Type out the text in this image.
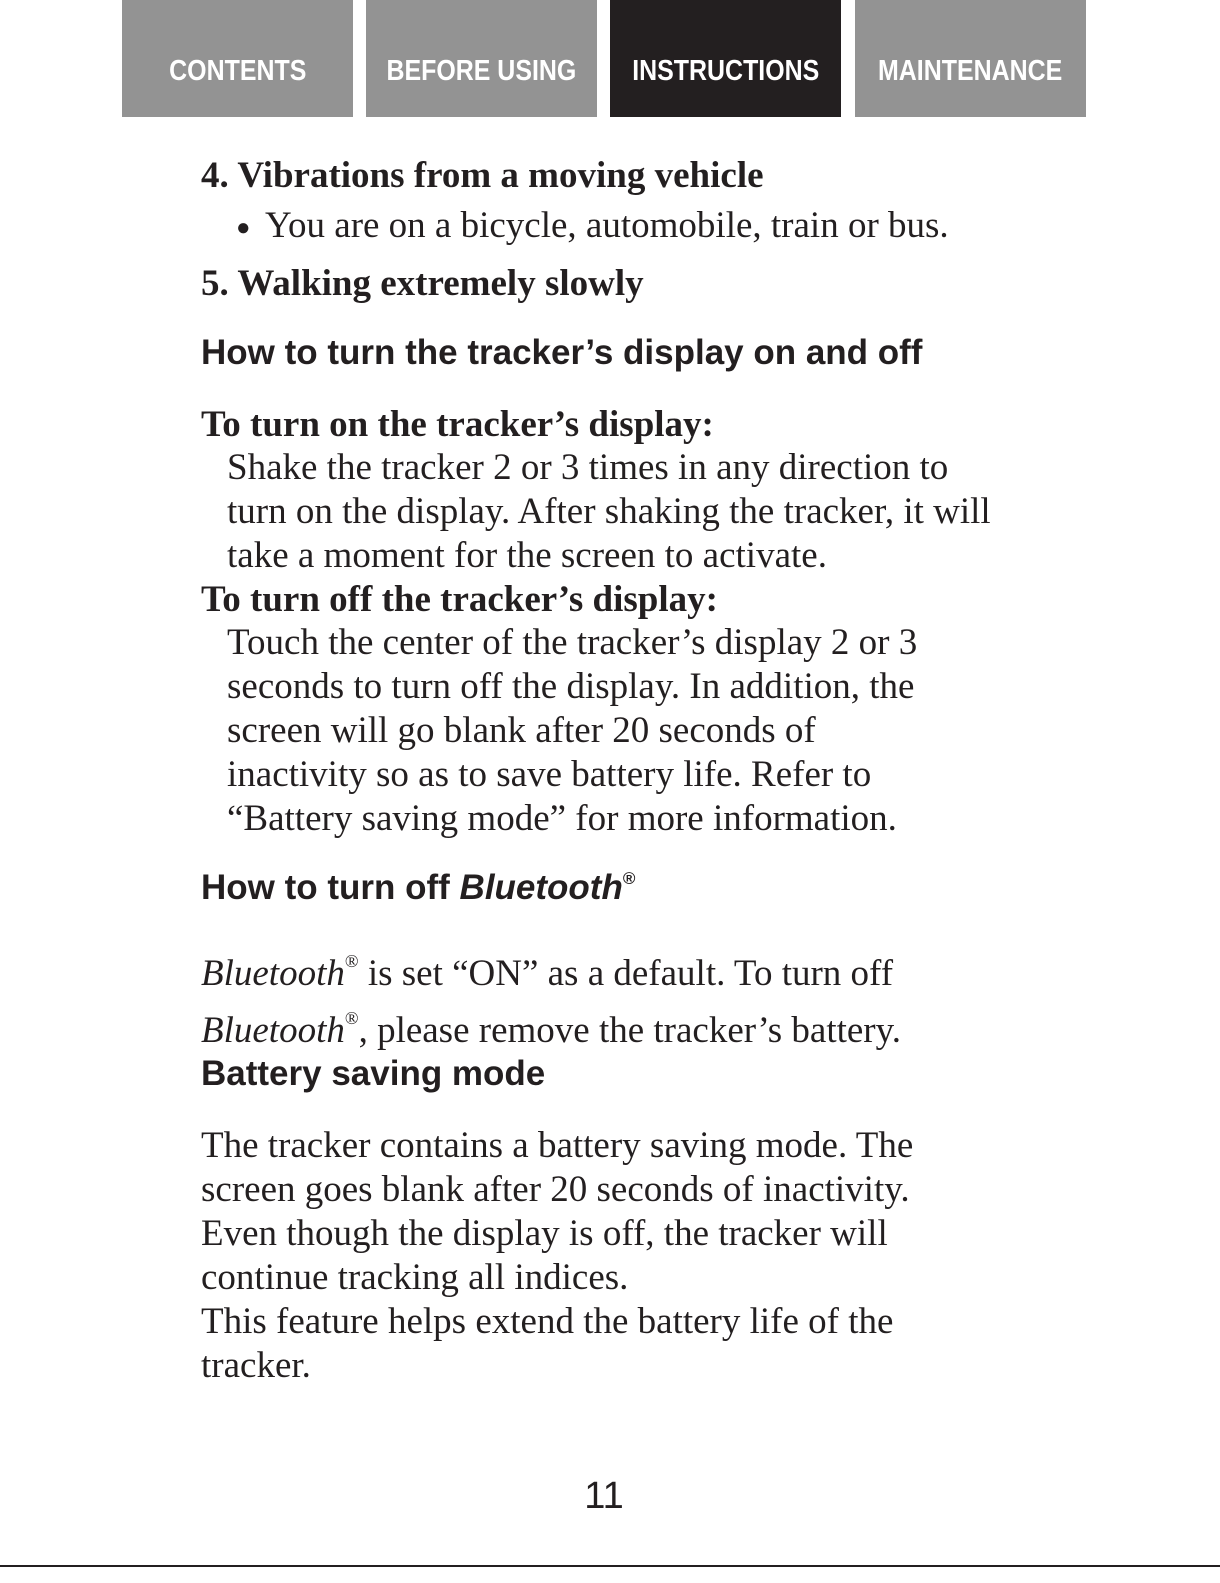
CONTENTS	BEFORE USING INSTRUCTIONS MAINTENANCE
4. Vibrations from a moving vehicle
● You are on a bicycle, automobile, train or bus.
5. Walking extremely slowly
How to turn the tracker’s display on and off
To turn on the tracker’s display:
Shake the tracker 2 or 3 times in any direction to turn on the display. After shaking the tracker, it will take a moment for the screen to activate.
To turn off the tracker’s display:
Touch the center of the tracker’s display 2 or 3 seconds to turn off the display. In addition, the screen will go blank after 20 seconds of inactivity so as to save battery life. Refer to “Battery saving mode” for more information.
How to turn off Bluetooth®
Bluetooth® is set “ON” as a default. To turn off
Bluetooth®, please remove the tracker’s battery.
Battery saving mode

The tracker contains a battery saving mode. The screen goes blank after 20 seconds of inactivity. Even though the display is off, the tracker will continue tracking all indices.

This feature helps extend the battery life of the tracker.

11
